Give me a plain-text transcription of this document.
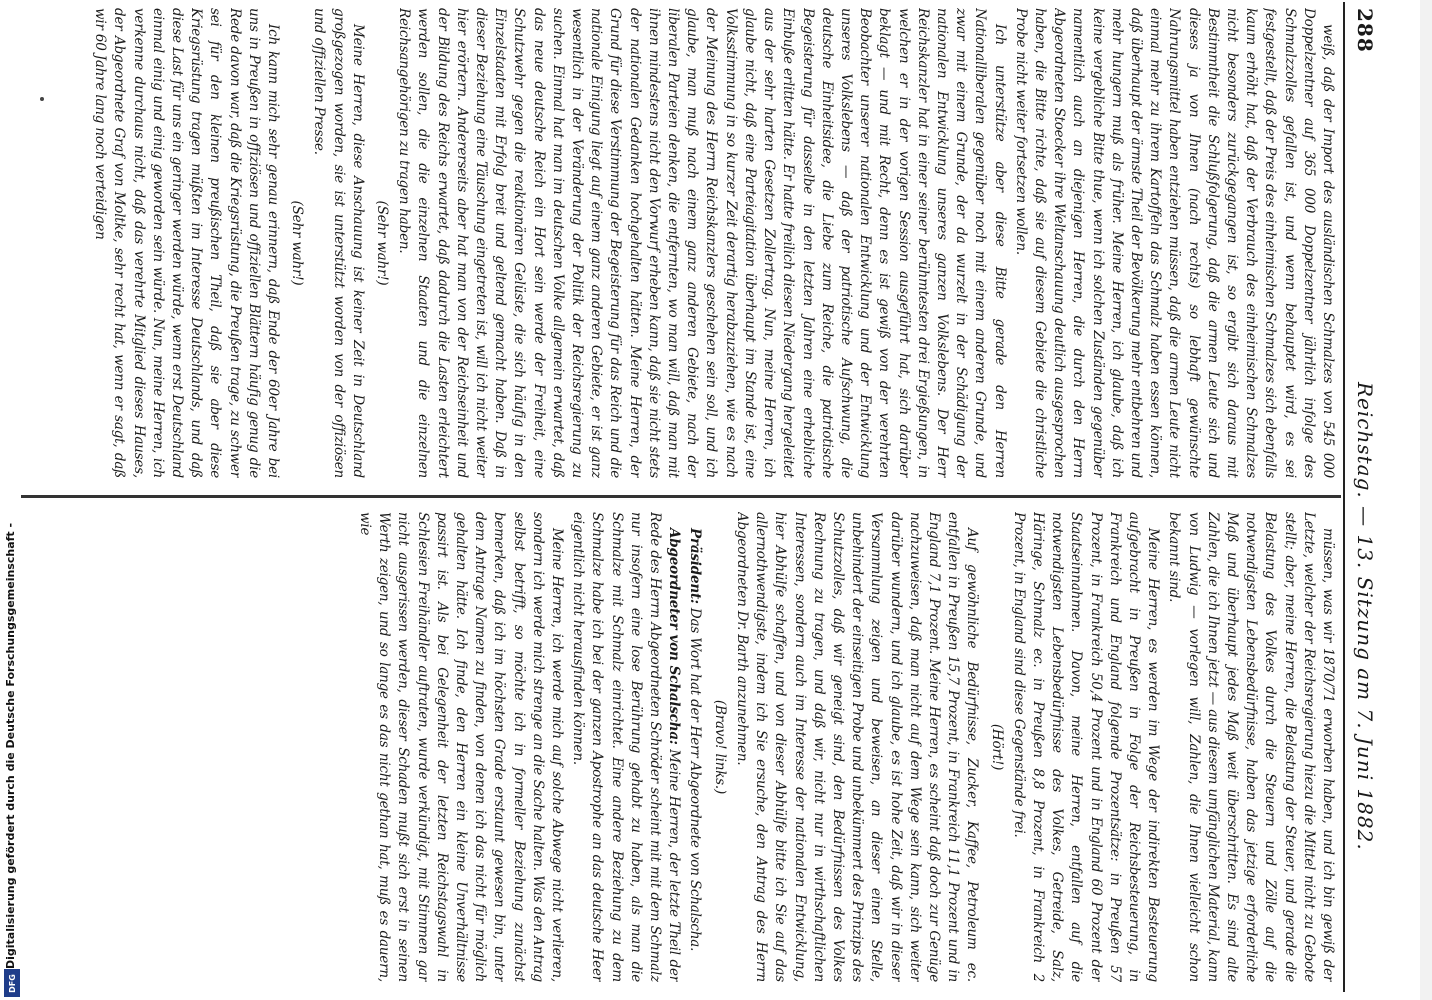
288
Reichstag. — 13. Sitzung am 7. Juni 1882.

weiß, daß der Import des ausländischen Schmalzes von 545 000 Doppelzentner auf 365 000 Doppelzentner jährlich infolge des Schmalzzolles gefallen ist, und wenn behauptet wird, es sei festgestellt, daß der Preis des einheimischen Schmalzes sich ebenfalls kaum erhöht hat, daß der Verbrauch des einheimischen Schmalzes nicht besonders zurückgegangen ist, so ergibt sich daraus mit Bestimmtheit die Schlußfolgerung, daß die armen Leute sich und dieses ja von Ihnen (nach rechts) so lebhaft gewünschte Nahrungsmittel haben entziehen müssen, daß die armen Leute nicht einmal mehr zu ihrem Kartoffeln das Schmalz haben essen können, daß überhaupt der ärmste Theil der Bevölkerung mehr entbehren und mehr hungern muß als früher. Meine Herren, ich glaube, daß ich keine vergebliche Bitte thue, wenn ich solchen Zuständen gegenüber namentlich auch an diejenigen Herren, die durch den Herrn Abgeordneten Stoecker ihre Weltanschauung deutlich ausgesprochen haben, die Bitte richte, daß sie auf diesem Gebiete die christliche Probe nicht weiter fortsetzen wollen.

Ich unterstütze aber diese Bitte gerade den Herren Nationalliberalen gegenüber noch mit einem anderen Grunde, und zwar mit einem Grunde, der da wurzelt in der Schädigung der nationalen Entwicklung unseres ganzen Volkslebens. Der Herr Reichskanzler hat in einer seiner berühmtesten drei Ergießungen, in welchen er in der vorigen Session ausgeführt hat, sich darüber beklagt — und mit Recht, denn es ist gewiß von der verehrten Beobachter unserer nationalen Entwicklung und der Entwicklung unseres Volkslebens — daß der patriotische Aufschwung, die deutsche Einheitsidee, die Liebe zum Reiche, die patriotische Begeisterung für dasselbe in den letzten Jahren eine erhebliche Einbuße erlitten hätte. Er hatte freilich diesen Niedergang hergeleitet aus der sehr harten Gesetzen Zollertrag. Nun, meine Herren, ich glaube nicht, daß eine Parteiagitation überhaupt im Stande ist, eine Volksstimmung in so kurzer Zeit derartig herabzuziehen, wie es nach der Meinung des Herrn Reichskanzlers geschehen sein soll, und ich glaube, man muß nach einem ganz anderen Gebiete, nach der liberalen Parteien denken, die entfernten, wo man will, daß man mit ihnen mindestens nicht den Vorwurf erheben kann, daß sie nicht stets der nationalen Gedanken hochgehalten hätten. Meine Herren, der Grund für diese Verstimmung der Begeisterung für das Reich und die nationale Einigung liegt auf einem ganz anderen Gebiete, er ist ganz wesentlich in der Veränderung der Politik der Reichsregierung zu suchen. Einmal hat man im deutschen Volke allgemein erwartet, daß das neue deutsche Reich ein Hort sein werde der Freiheit, eine Schutzwehr gegen die reaktionären Gelüste, die sich häufig in den Einzelstaaten mit Erfolg breit und geltend gemacht haben. Daß in dieser Beziehung eine Täuschung eingetreten ist, will ich nicht weiter hier erörtern. Andererseits aber hat man von der Reichseinheit und der Bildung des Reichs erwartet, daß dadurch die Lasten erleichtert werden sollen, die die einzelnen Staaten und die einzelnen Reichsangehörigen zu tragen haben.

(Sehr wahr!)

Meine Herren, diese Anschauung ist keiner Zeit in Deutschland großgezogen worden, sie ist unterstützt worden von der offiziösen und offiziellen Presse.

(Sehr wahr!)

Ich kann mich sehr genau erinnern, daß Ende der 60er Jahre bei uns in Preußen in offiziösen und offiziellen Blättern häufig genug die Rede davon war, daß die Kriegsrüstung, die Preußen trage, zu schwer sei für den kleinen preußischen Theil, daß sie aber diese Kriegsrüstung tragen müßten im Interesse Deutschlands, und daß diese Last für uns ein geringer werden würde, wenn erst Deutschland einmal einig und einig geworden sein würde. Nun, meine Herren, ich verkenne durchaus nicht, daß das verehrte Mitglied dieses Hauses, der Abgeordnete Graf von Moltke, sehr recht hat, wenn er sagt, daß wir 60 Jahre lang noch verteidigen

müssen, was wir 1870/71 erworben haben, und ich bin gewiß der Letzte, welcher der Reichsregierung hiezu die Mittel nicht zu Gebote stellt; aber, meine Herren, die Belastung der Steuer, und gerade die Belastung des Volkes durch die Steuern und Zölle auf die notwendigsten Lebensbedürfnisse, haben das jetzige erforderliche Maß und überhaupt jedes Maß weit überschritten. Es sind alte Zahlen, die ich Ihnen jetzt — aus diesem umfänglichen Material, kann von Ludwig — vorlegen will, Zahlen, die Ihnen vielleicht schon bekannt sind.

Meine Herren, es werden im Wege der indirekten Besteuerung aufgebracht in Preußen in Folge der Reichsbesteuerung, in Frankreich und England folgende Prozentsätze: in Preußen 57 Prozent, in Frankreich 50,4 Prozent und in England 60 Prozent der Staatseinnahmen. Davon, meine Herren, entfallen auf die notwendigsten Lebensbedürfnisse des Volkes, Getreide, Salz, Häringe, Schmalz ec. in Preußen 8,8 Prozent, in Frankreich 2 Prozent, in England sind diese Gegenstände frei.

(Hört!)

Auf gewöhnliche Bedürfnisse, Zucker, Kaffee, Petroleum ec. entfallen in Preußen 15,7 Prozent, in Frankreich 11,1 Prozent und in England 7,1 Prozent. Meine Herren, es scheint daß doch zur Genüge nachzuweisen, daß man nicht auf dem Wege sein kann, sich weiter darüber wundern, und ich glaube, es ist hohe Zeit, daß wir in dieser Versammlung zeigen und beweisen, an dieser einen Stelle, unbehindert der einseitigen Probe und unbekümmert des Prinzips des Schutzzolles, daß wir geneigt sind, den Bedürfnissen des Volkes Rechnung zu tragen, und daß wir, nicht nur in wirthschaftlichen Interessen, sondern auch im Interesse der nationalen Entwicklung, hier Abhülfe schaffen, und von dieser Abhülfe bitte ich Sie auf das allernothwendigste, indem ich Sie ersuche, den Antrag des Herrn Abgeordneten Dr. Barth anzunehmen.

(Bravo! links.)

Präsident: Das Wort hat der Herr Abgeordnete von Schalscha.

Abgeordneter von Schalscha: Meine Herren, der letzte Theil der Rede des Herrn Abgeordneten Schröder scheint mit mit dem Schmalz nur insofern eine lose Berührung gehabt zu haben, als man die Schmalze mit Schmalz einrichtet. Eine andere Beziehung zu dem Schmalze habe ich bei der ganzen Apostrophe an das deutsche Heer eigentlich nicht herausfinden können.

Meine Herren, ich werde mich auf solche Abwege nicht verlieren, sondern ich werde mich strenge an die Sache halten. Was den Antrag selbst betrifft, so möchte ich in formeller Beziehung zunächst bemerken, daß ich im höchsten Grade erstaunt gewesen bin, unter dem Antrage Namen zu finden, von denen ich das nicht für möglich gehalten hätte. Ich finde, den Herren ein kleine Unverhältnisse passirt ist. Als bei Gelegenheit der letzten Reichstagswahl in Schlesien Freihändler auftraten, wurde verkündigt, mit Stimmen gar nicht ausgerissen werden, dieser Schaden mußt sich erst in seinen Werth zeigen, und so lange es das nicht gethan hat, muß es dauern, wie

Digitalisierung gefördert durch die Deutsche Forschungsgemeinschaft -
DFG
